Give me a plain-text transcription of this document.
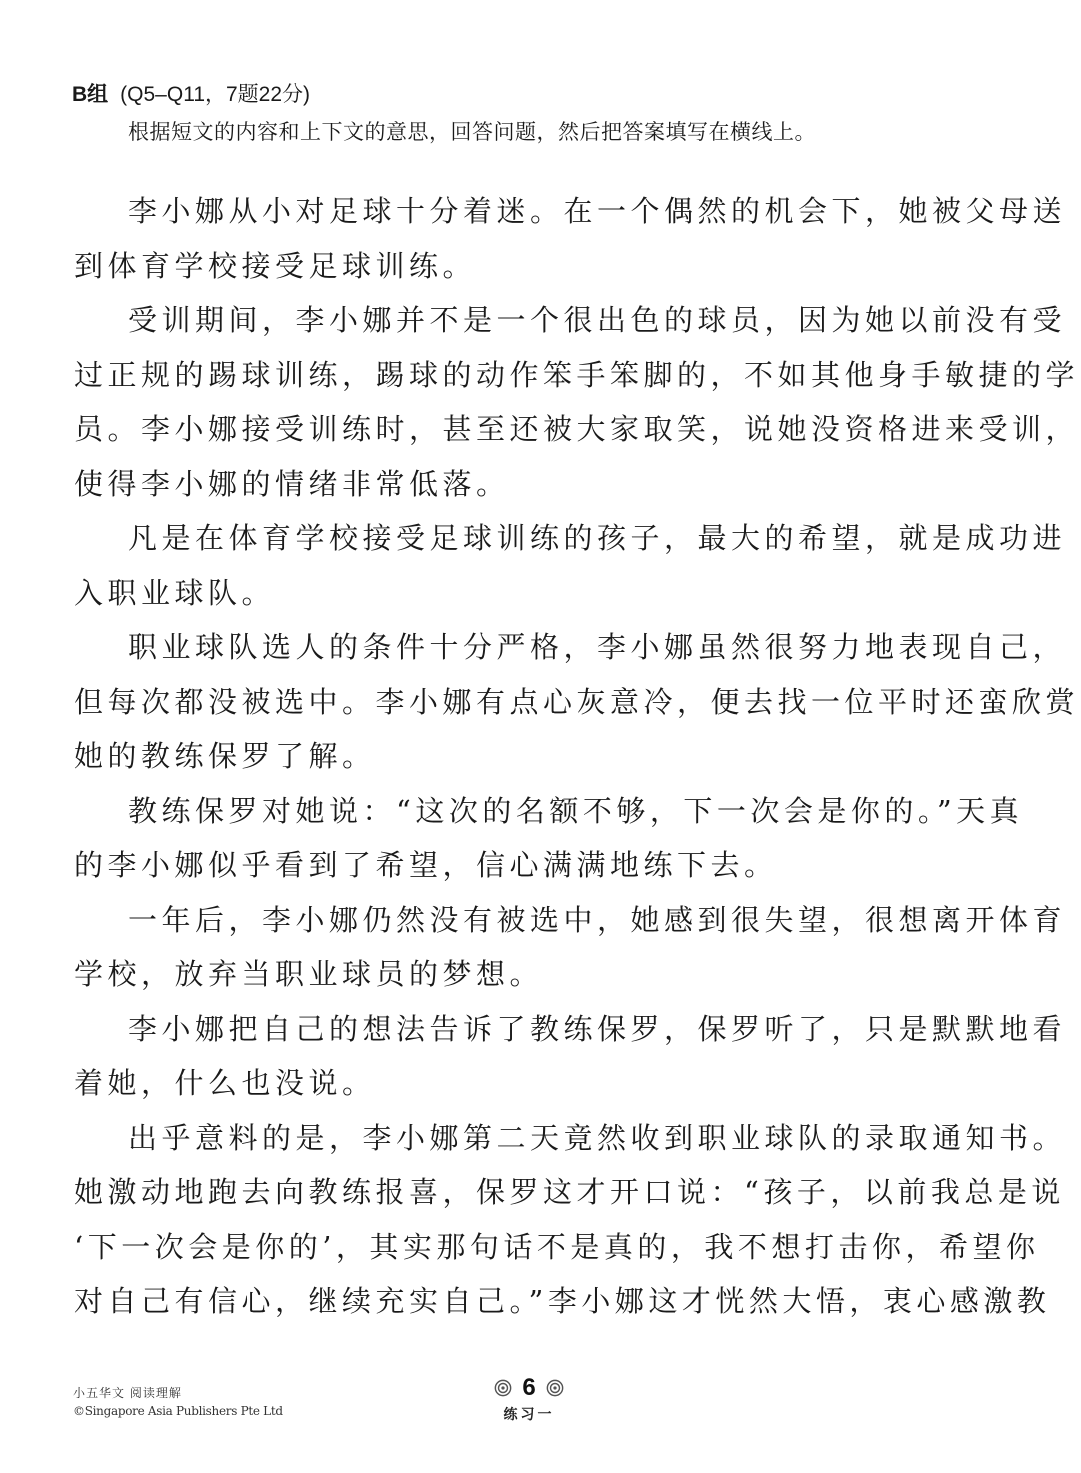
B组 (Q5–Q11，7题22分)
根据短文的内容和上下文的意思，回答问题，然后把答案填写在横线上。
李小娜从小对足球十分着迷。在一个偶然的机会下，她被父母送
到体育学校接受足球训练。
受训期间，李小娜并不是一个很出色的球员，因为她以前没有受
过正规的踢球训练，踢球的动作笨手笨脚的，不如其他身手敏捷的学
员。李小娜接受训练时，甚至还被大家取笑，说她没资格进来受训，
使得李小娜的情绪非常低落。
凡是在体育学校接受足球训练的孩子，最大的希望，就是成功进
入职业球队。
职业球队选人的条件十分严格，李小娜虽然很努力地表现自己，
但每次都没被选中。李小娜有点心灰意冷，便去找一位平时还蛮欣赏
她的教练保罗了解。
教练保罗对她说：“这次的名额不够，下一次会是你的。”天真
的李小娜似乎看到了希望，信心满满地练下去。
一年后，李小娜仍然没有被选中，她感到很失望，很想离开体育
学校，放弃当职业球员的梦想。
李小娜把自己的想法告诉了教练保罗，保罗听了，只是默默地看
着她，什么也没说。
出乎意料的是，李小娜第二天竟然收到职业球队的录取通知书。
她激动地跑去向教练报喜，保罗这才开口说：“孩子，以前我总是说
‘下一次会是你的’，其实那句话不是真的，我不想打击你，希望你
对自己有信心，继续充实自己。”李小娜这才恍然大悟，衷心感激教
小五华文 阅读理解
©Singapore Asia Publishers Pte Ltd
6
练习一
